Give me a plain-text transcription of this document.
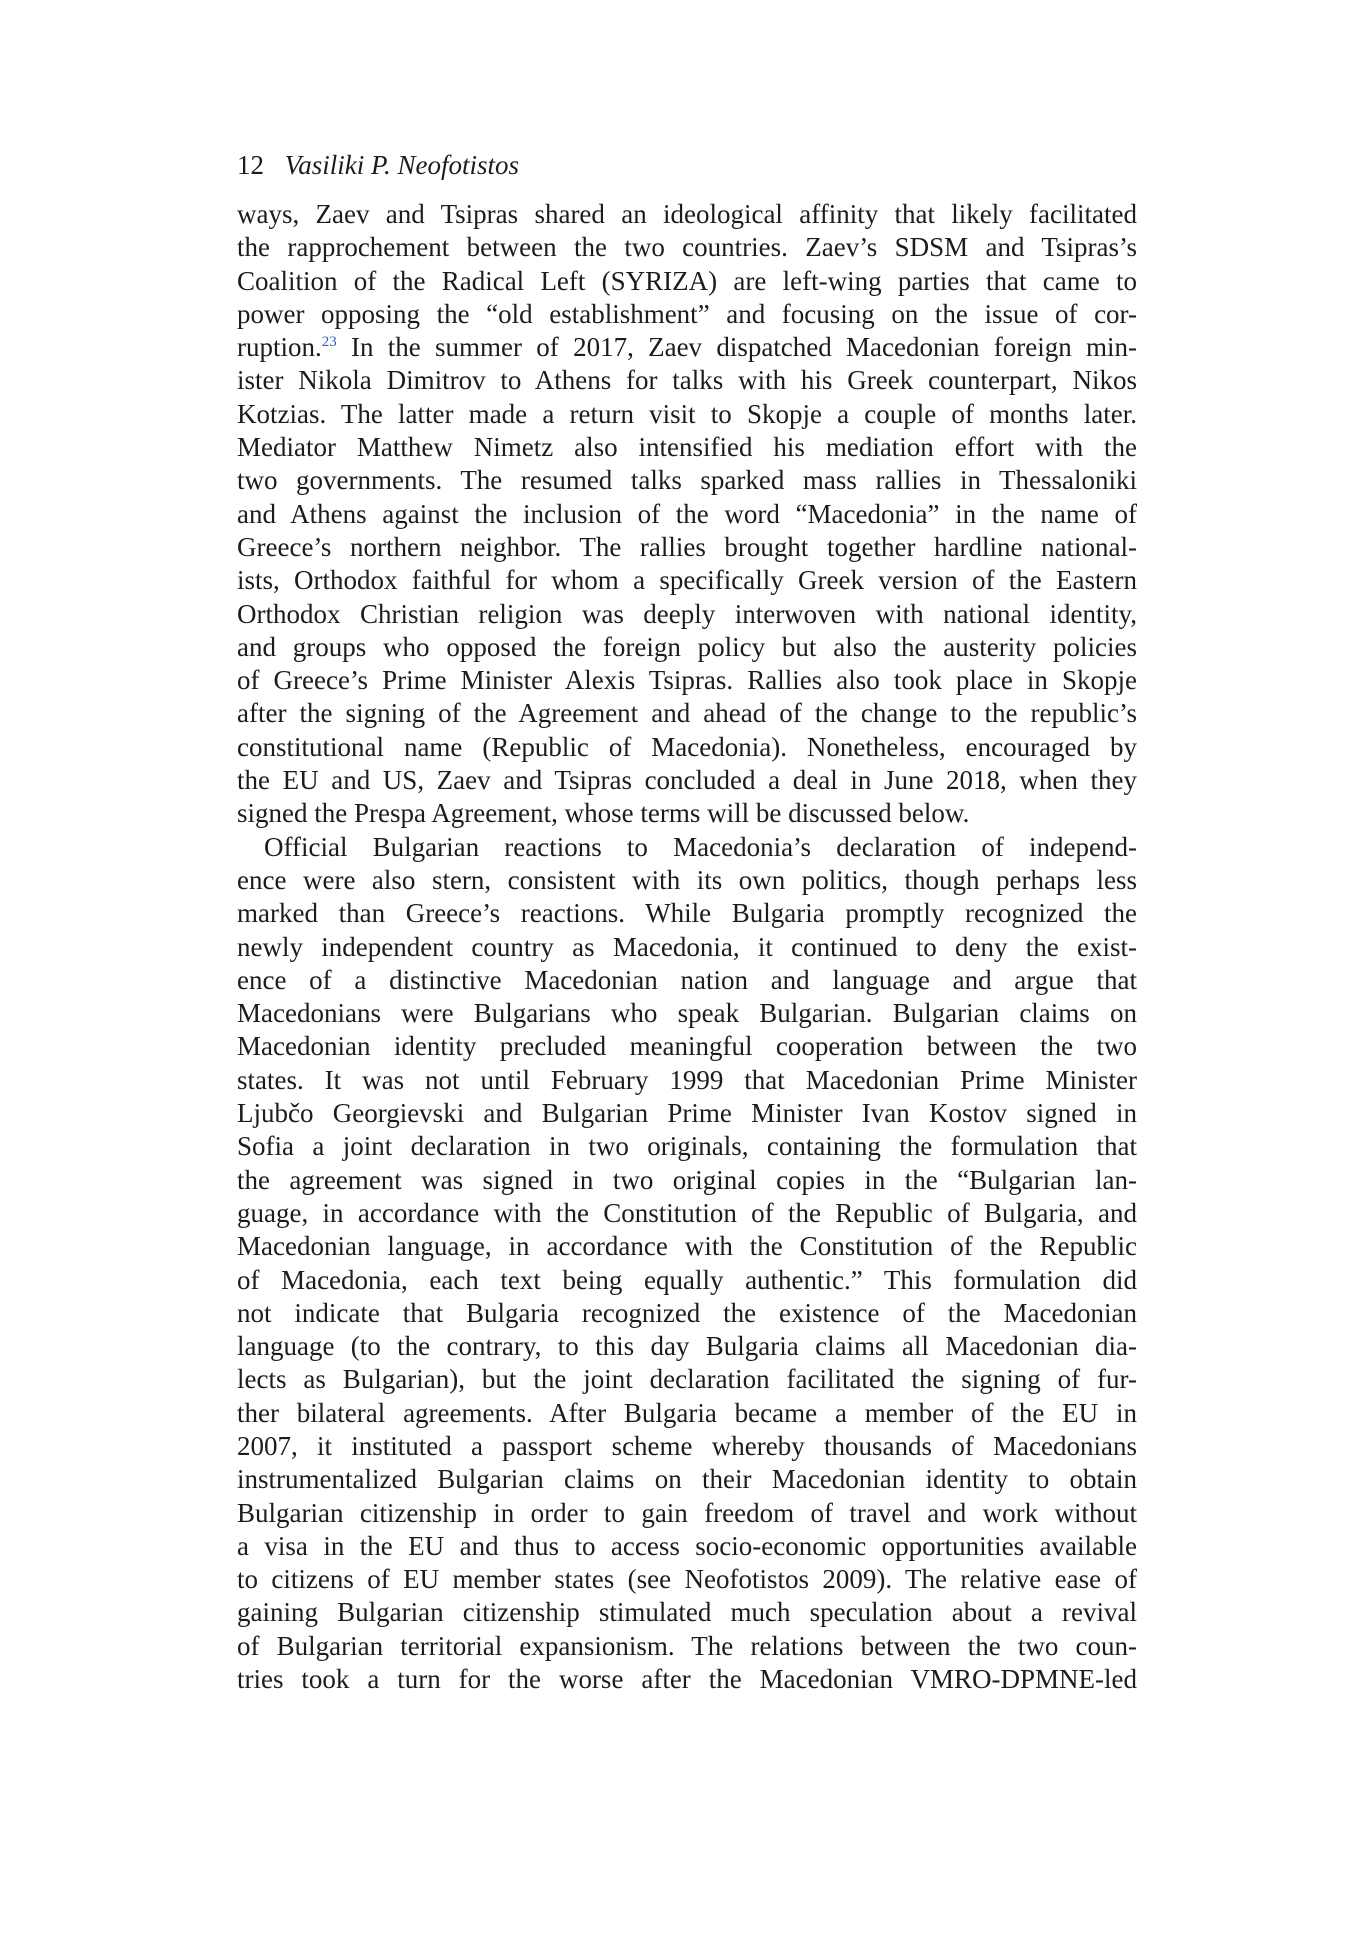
12 Vasiliki P. Neofotistos
ways, Zaev and Tsipras shared an ideological affinity that likely facilitated
the rapprochement between the two countries. Zaev’s SDSM and Tsipras’s
Coalition of the Radical Left (SYRIZA) are left-wing parties that came to
power opposing the “old establishment” and focusing on the issue of cor-
ruption.$^{23}$ In the summer of 2017, Zaev dispatched Macedonian foreign min-
ister Nikola Dimitrov to Athens for talks with his Greek counterpart, Nikos
Kotzias. The latter made a return visit to Skopje a couple of months later.
Mediator Matthew Nimetz also intensified his mediation effort with the
two governments. The resumed talks sparked mass rallies in Thessaloniki
and Athens against the inclusion of the word “Macedonia” in the name of
Greece’s northern neighbor. The rallies brought together hardline national-
ists, Orthodox faithful for whom a specifically Greek version of the Eastern
Orthodox Christian religion was deeply interwoven with national identity,
and groups who opposed the foreign policy but also the austerity policies
of Greece’s Prime Minister Alexis Tsipras. Rallies also took place in Skopje
after the signing of the Agreement and ahead of the change to the republic’s
constitutional name (Republic of Macedonia). Nonetheless, encouraged by
the EU and US, Zaev and Tsipras concluded a deal in June 2018, when they
signed the Prespa Agreement, whose terms will be discussed below.
Official Bulgarian reactions to Macedonia’s declaration of independ-
ence were also stern, consistent with its own politics, though perhaps less
marked than Greece’s reactions. While Bulgaria promptly recognized the
newly independent country as Macedonia, it continued to deny the exist-
ence of a distinctive Macedonian nation and language and argue that
Macedonians were Bulgarians who speak Bulgarian. Bulgarian claims on
Macedonian identity precluded meaningful cooperation between the two
states. It was not until February 1999 that Macedonian Prime Minister
Ljubčo Georgievski and Bulgarian Prime Minister Ivan Kostov signed in
Sofia a joint declaration in two originals, containing the formulation that
the agreement was signed in two original copies in the “Bulgarian lan-
guage, in accordance with the Constitution of the Republic of Bulgaria, and
Macedonian language, in accordance with the Constitution of the Republic
of Macedonia, each text being equally authentic.” This formulation did
not indicate that Bulgaria recognized the existence of the Macedonian
language (to the contrary, to this day Bulgaria claims all Macedonian dia-
lects as Bulgarian), but the joint declaration facilitated the signing of fur-
ther bilateral agreements. After Bulgaria became a member of the EU in
2007, it instituted a passport scheme whereby thousands of Macedonians
instrumentalized Bulgarian claims on their Macedonian identity to obtain
Bulgarian citizenship in order to gain freedom of travel and work without
a visa in the EU and thus to access socio-economic opportunities available
to citizens of EU member states (see Neofotistos 2009). The relative ease of
gaining Bulgarian citizenship stimulated much speculation about a revival
of Bulgarian territorial expansionism. The relations between the two coun-
tries took a turn for the worse after the Macedonian VMRO-DPMNE-led
